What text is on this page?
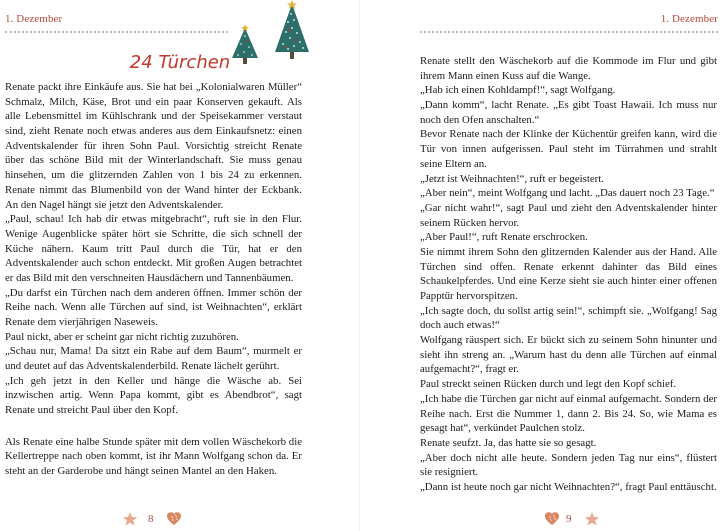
1. Dezember
24 Türchen

Renate packt ihre Einkäufe aus. Sie hat bei „Kolonialwaren Müller“ Schmalz, Milch, Käse, Brot und ein paar Konserven gekauft. Als alle Lebensmittel im Kühlschrank und der Speisekammer verstaut sind, zieht Renate noch etwas anderes aus dem Einkaufsnetz: einen Adventskalender für ihren Sohn Paul. Vorsichtig streicht Renate über das schöne Bild mit der Winterlandschaft. Sie muss genau hinsehen, um die glitzernden Zahlen von 1 bis 24 zu erkennen. Renate nimmt das Blumenbild von der Wand hinter der Eckbank. An den Nagel hängt sie jetzt den Adventskalender.

„Paul, schau! Ich hab dir etwas mitgebracht“, ruft sie in den Flur. Wenige Augenblicke später hört sie Schritte, die sich schnell der Küche nähern. Kaum tritt Paul durch die Tür, hat er den Adventskalender auch schon entdeckt. Mit großen Augen betrachtet er das Bild mit den verschneiten Hausdächern und Tannenbäumen.

„Du darfst ein Türchen nach dem anderen öffnen. Immer schön der Reihe nach. Wenn alle Türchen auf sind, ist Weihnachten“, erklärt Renate dem vierjährigen Naseweis.

Paul nickt, aber er scheint gar nicht richtig zuzuhören.

„Schau nur, Mama! Da sitzt ein Rabe auf dem Baum“, murmelt er und deutet auf das Adventskalenderbild. Renate lächelt gerührt.

„Ich geh jetzt in den Keller und hänge die Wäsche ab. Sei inzwischen artig. Wenn Papa kommt, gibt es Abendbrot“, sagt Renate und streicht Paul über den Kopf.

Als Renate eine halbe Stunde später mit dem vollen Wäschekorb die Kellertreppe nach oben kommt, ist ihr Mann Wolfgang schon da. Er steht an der Garderobe und hängt seinen Mantel an den Haken.

8
1. Dezember

Renate stellt den Wäschekorb auf die Kommode im Flur und gibt ihrem Mann einen Kuss auf die Wange.

„Hab ich einen Kohldampf!“, sagt Wolfgang.

„Dann komm“, lacht Renate. „Es gibt Toast Hawaii. Ich muss nur noch den Ofen anschalten.“

Bevor Renate nach der Klinke der Küchentür greifen kann, wird die Tür von innen aufgerissen. Paul steht im Türrahmen und strahlt seine Eltern an.

„Jetzt ist Weihnachten!“, ruft er begeistert.

„Aber nein“, meint Wolfgang und lacht. „Das dauert noch 23 Tage.“

„Gar nicht wahr!“, sagt Paul und zieht den Adventskalender hinter seinem Rücken hervor.

„Aber Paul!“, ruft Renate erschrocken.

Sie nimmt ihrem Sohn den glitzernden Kalender aus der Hand. Alle Türchen sind offen. Renate erkennt dahinter das Bild eines Schaukelpferdes. Und eine Kerze sieht sie auch hinter einer offenen Papptür hervorspitzen.

„Ich sagte doch, du sollst artig sein!“, schimpft sie. „Wolfgang! Sag doch auch etwas!“

Wolfgang räuspert sich. Er bückt sich zu seinem Sohn hinunter und sieht ihn streng an. „Warum hast du denn alle Türchen auf einmal aufgemacht?“, fragt er.

Paul streckt seinen Rücken durch und legt den Kopf schief.

„Ich habe die Türchen gar nicht auf einmal aufgemacht. Sondern der Reihe nach. Erst die Nummer 1, dann 2. Bis 24. So, wie Mama es gesagt hat“, verkündet Paulchen stolz.

Renate seufzt. Ja, das hatte sie so gesagt.

„Aber doch nicht alle heute. Sondern jeden Tag nur eins“, flüstert sie resigniert.

„Dann ist heute noch gar nicht Weihnachten?“, fragt Paul enttäuscht.

9
